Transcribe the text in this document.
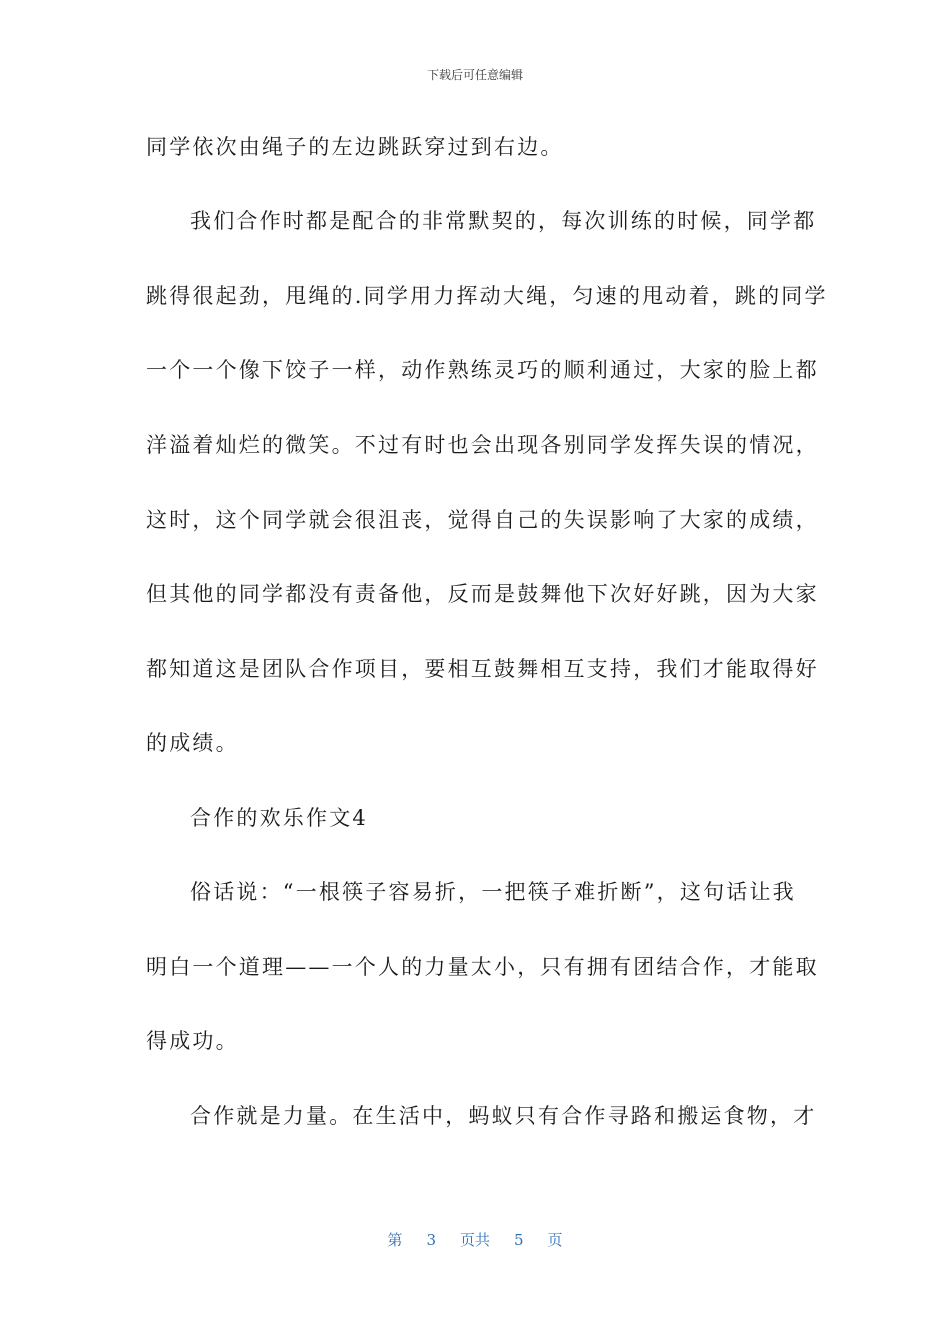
下载后可任意编辑
同学依次由绳子的左边跳跃穿过到右边。
我们合作时都是配合的非常默契的，每次训练的时候，同学都
跳得很起劲，甩绳的.同学用力挥动大绳，匀速的甩动着，跳的同学
一个一个像下饺子一样，动作熟练灵巧的顺利通过，大家的脸上都
洋溢着灿烂的微笑。不过有时也会出现各别同学发挥失误的情况，
这时，这个同学就会很沮丧，觉得自己的失误影响了大家的成绩，
但其他的同学都没有责备他，反而是鼓舞他下次好好跳，因为大家
都知道这是团队合作项目，要相互鼓舞相互支持，我们才能取得好
的成绩。
合作的欢乐作文4
俗话说：“一根筷子容易折，一把筷子难折断”，这句话让我
明白一个道理——一个人的力量太小，只有拥有团结合作，才能取
得成功。
合作就是力量。在生活中，蚂蚁只有合作寻路和搬运食物，才
第 3 页共 5 页
